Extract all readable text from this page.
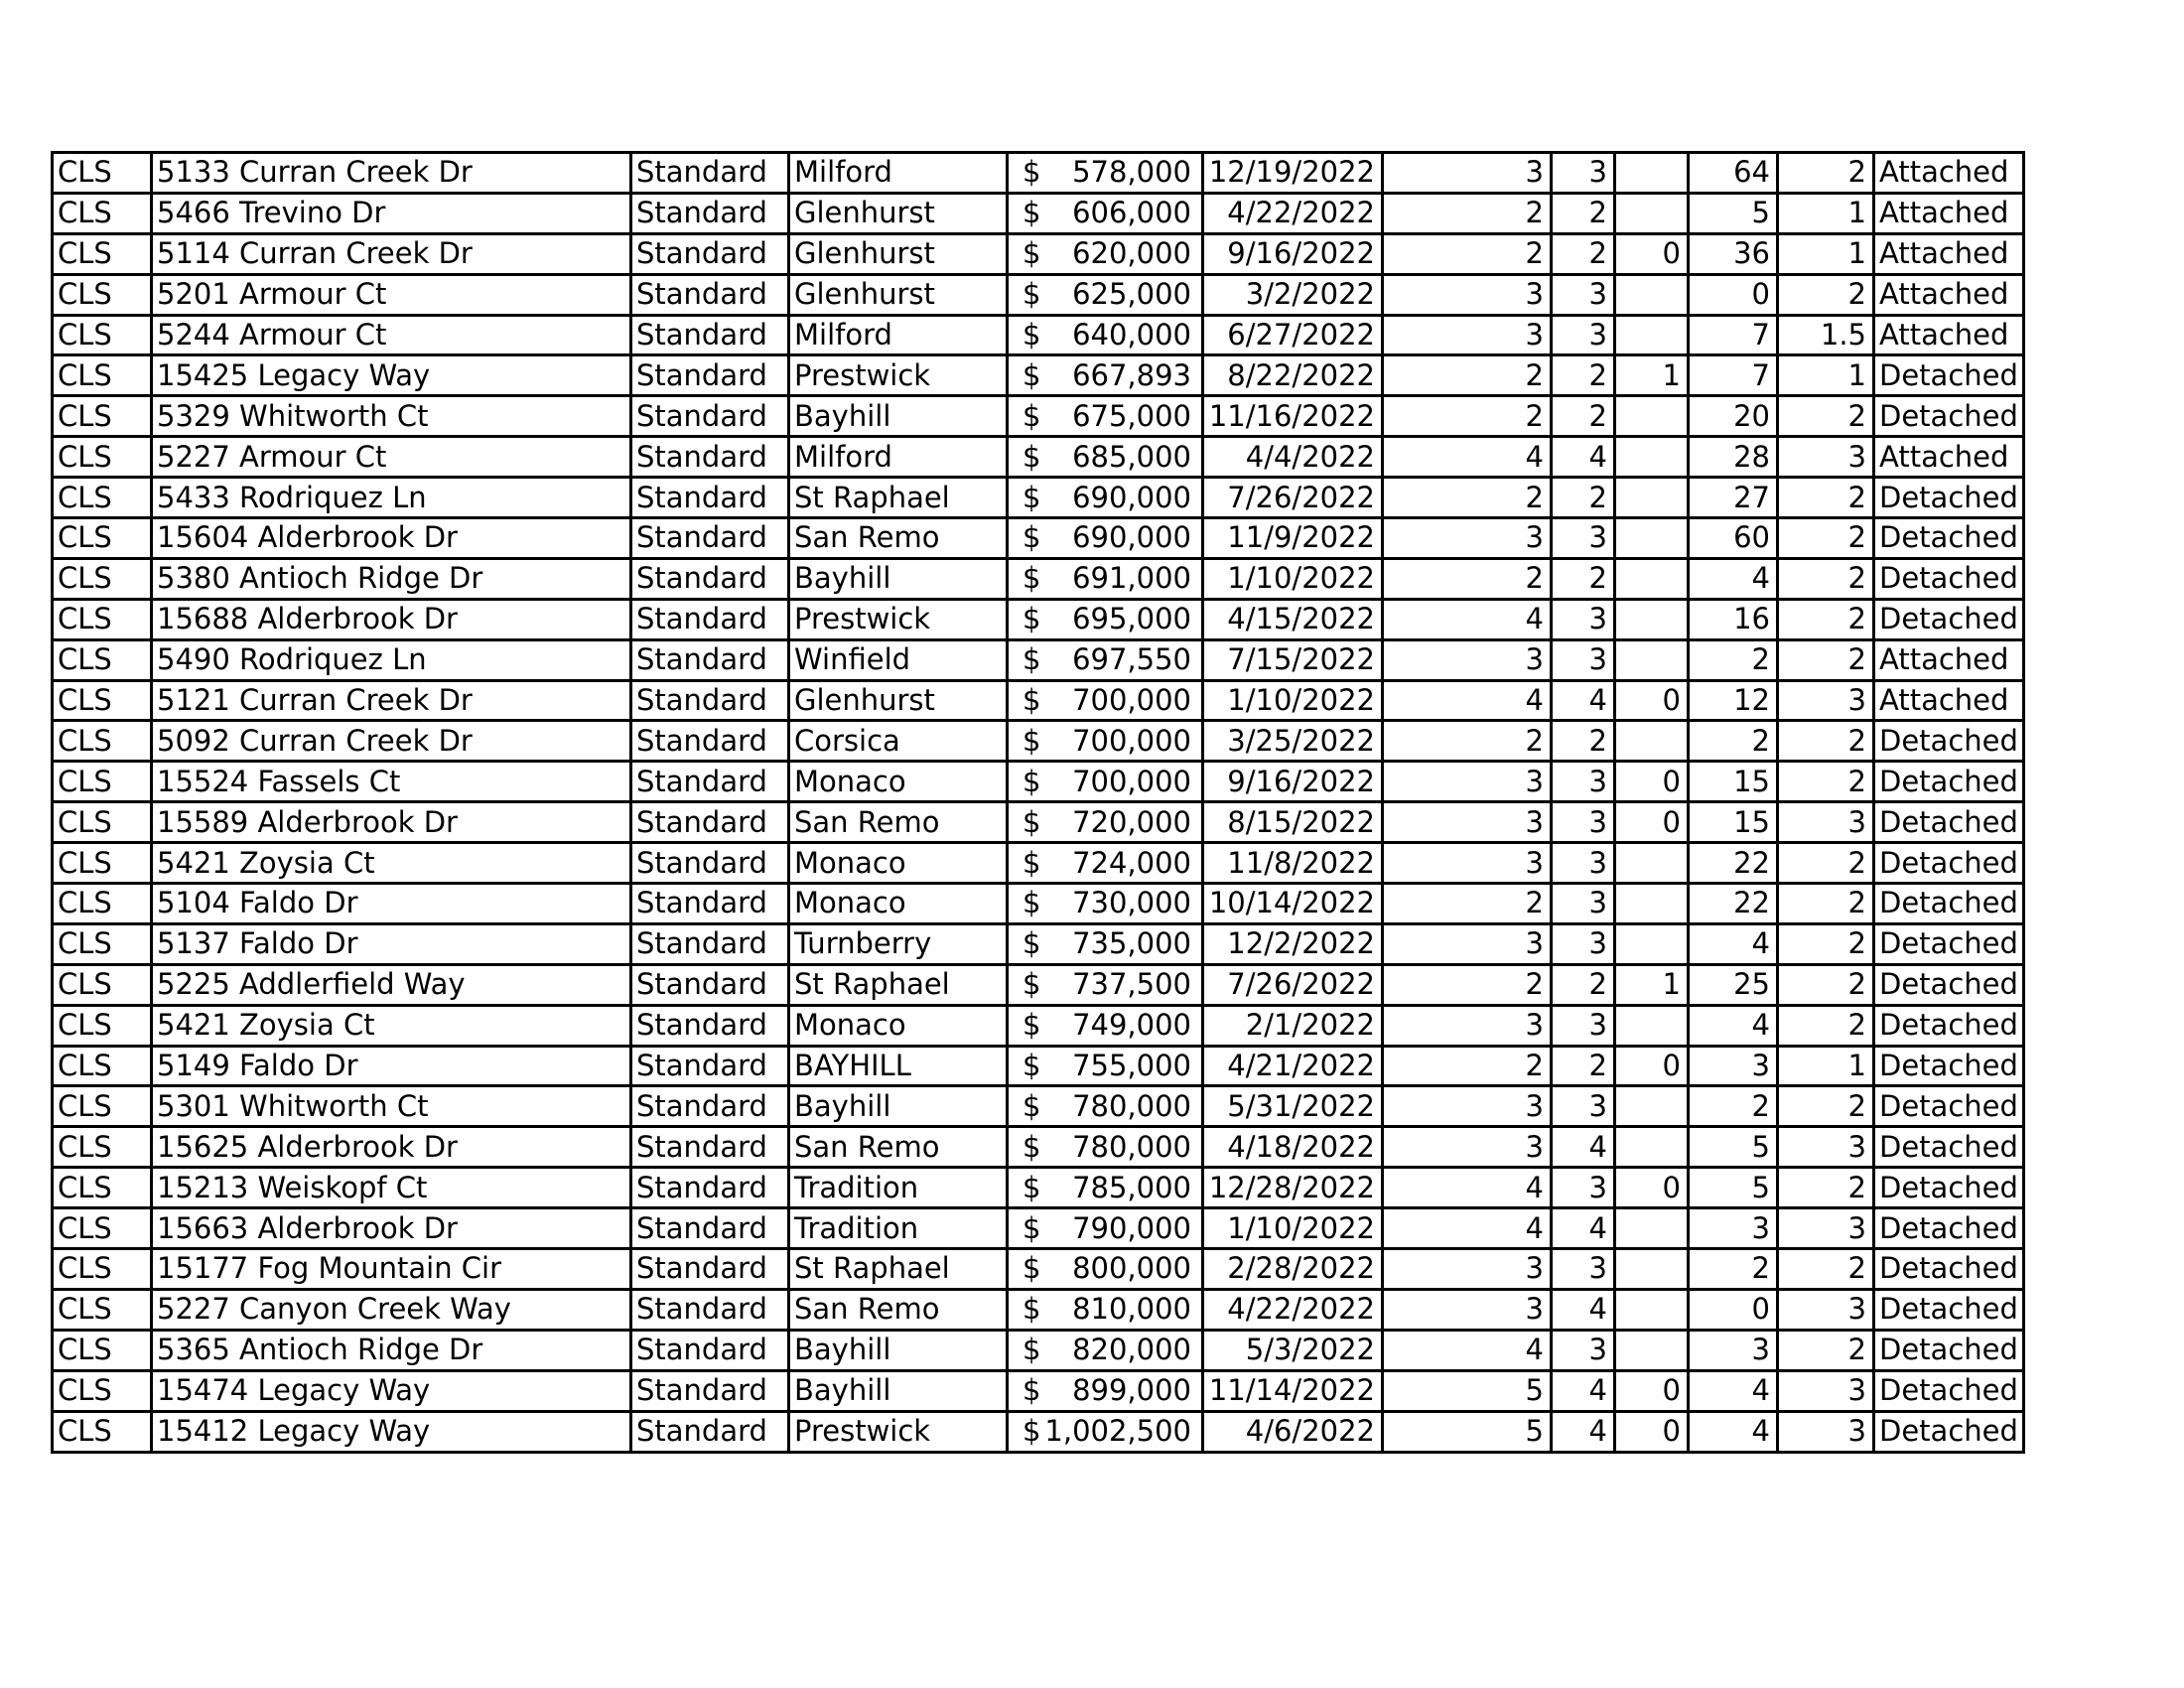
CLS	5133 Curran Creek Dr	Standard	Milford	$ 578,000	12/19/2022	3	3		64	2	Attached
CLS	5466 Trevino Dr	Standard	Glenhurst	$ 606,000	4/22/2022	2	2		5	1	Attached
CLS	5114 Curran Creek Dr	Standard	Glenhurst	$ 620,000	9/16/2022	2	2	0	36	1	Attached
CLS	5201 Armour Ct	Standard	Glenhurst	$ 625,000	3/2/2022	3	3		0	2	Attached
CLS	5244 Armour Ct	Standard	Milford	$ 640,000	6/27/2022	3	3		7	1.5	Attached
CLS	15425 Legacy Way	Standard	Prestwick	$ 667,893	8/22/2022	2	2	1	7	1	Detached
CLS	5329 Whitworth Ct	Standard	Bayhill	$ 675,000	11/16/2022	2	2		20	2	Detached
CLS	5227 Armour Ct	Standard	Milford	$ 685,000	4/4/2022	4	4		28	3	Attached
CLS	5433 Rodriquez Ln	Standard	St Raphael	$ 690,000	7/26/2022	2	2		27	2	Detached
CLS	15604 Alderbrook Dr	Standard	San Remo	$ 690,000	11/9/2022	3	3		60	2	Detached
CLS	5380 Antioch Ridge Dr	Standard	Bayhill	$ 691,000	1/10/2022	2	2		4	2	Detached
CLS	15688 Alderbrook Dr	Standard	Prestwick	$ 695,000	4/15/2022	4	3		16	2	Detached
CLS	5490 Rodriquez Ln	Standard	Winfield	$ 697,550	7/15/2022	3	3		2	2	Attached
CLS	5121 Curran Creek Dr	Standard	Glenhurst	$ 700,000	1/10/2022	4	4	0	12	3	Attached
CLS	5092 Curran Creek Dr	Standard	Corsica	$ 700,000	3/25/2022	2	2		2	2	Detached
CLS	15524 Fassels Ct	Standard	Monaco	$ 700,000	9/16/2022	3	3	0	15	2	Detached
CLS	15589 Alderbrook Dr	Standard	San Remo	$ 720,000	8/15/2022	3	3	0	15	3	Detached
CLS	5421 Zoysia Ct	Standard	Monaco	$ 724,000	11/8/2022	3	3		22	2	Detached
CLS	5104 Faldo Dr	Standard	Monaco	$ 730,000	10/14/2022	2	3		22	2	Detached
CLS	5137 Faldo Dr	Standard	Turnberry	$ 735,000	12/2/2022	3	3		4	2	Detached
CLS	5225 Addlerfield Way	Standard	St Raphael	$ 737,500	7/26/2022	2	2	1	25	2	Detached
CLS	5421 Zoysia Ct	Standard	Monaco	$ 749,000	2/1/2022	3	3		4	2	Detached
CLS	5149 Faldo Dr	Standard	BAYHILL	$ 755,000	4/21/2022	2	2	0	3	1	Detached
CLS	5301 Whitworth Ct	Standard	Bayhill	$ 780,000	5/31/2022	3	3		2	2	Detached
CLS	15625 Alderbrook Dr	Standard	San Remo	$ 780,000	4/18/2022	3	4		5	3	Detached
CLS	15213 Weiskopf Ct	Standard	Tradition	$ 785,000	12/28/2022	4	3	0	5	2	Detached
CLS	15663 Alderbrook Dr	Standard	Tradition	$ 790,000	1/10/2022	4	4		3	3	Detached
CLS	15177 Fog Mountain Cir	Standard	St Raphael	$ 800,000	2/28/2022	3	3		2	2	Detached
CLS	5227 Canyon Creek Way	Standard	San Remo	$ 810,000	4/22/2022	3	4		0	3	Detached
CLS	5365 Antioch Ridge Dr	Standard	Bayhill	$ 820,000	5/3/2022	4	3		3	2	Detached
CLS	15474 Legacy Way	Standard	Bayhill	$ 899,000	11/14/2022	5	4	0	4	3	Detached
CLS	15412 Legacy Way	Standard	Prestwick	$ 1,002,500	4/6/2022	5	4	0	4	3	Detached
